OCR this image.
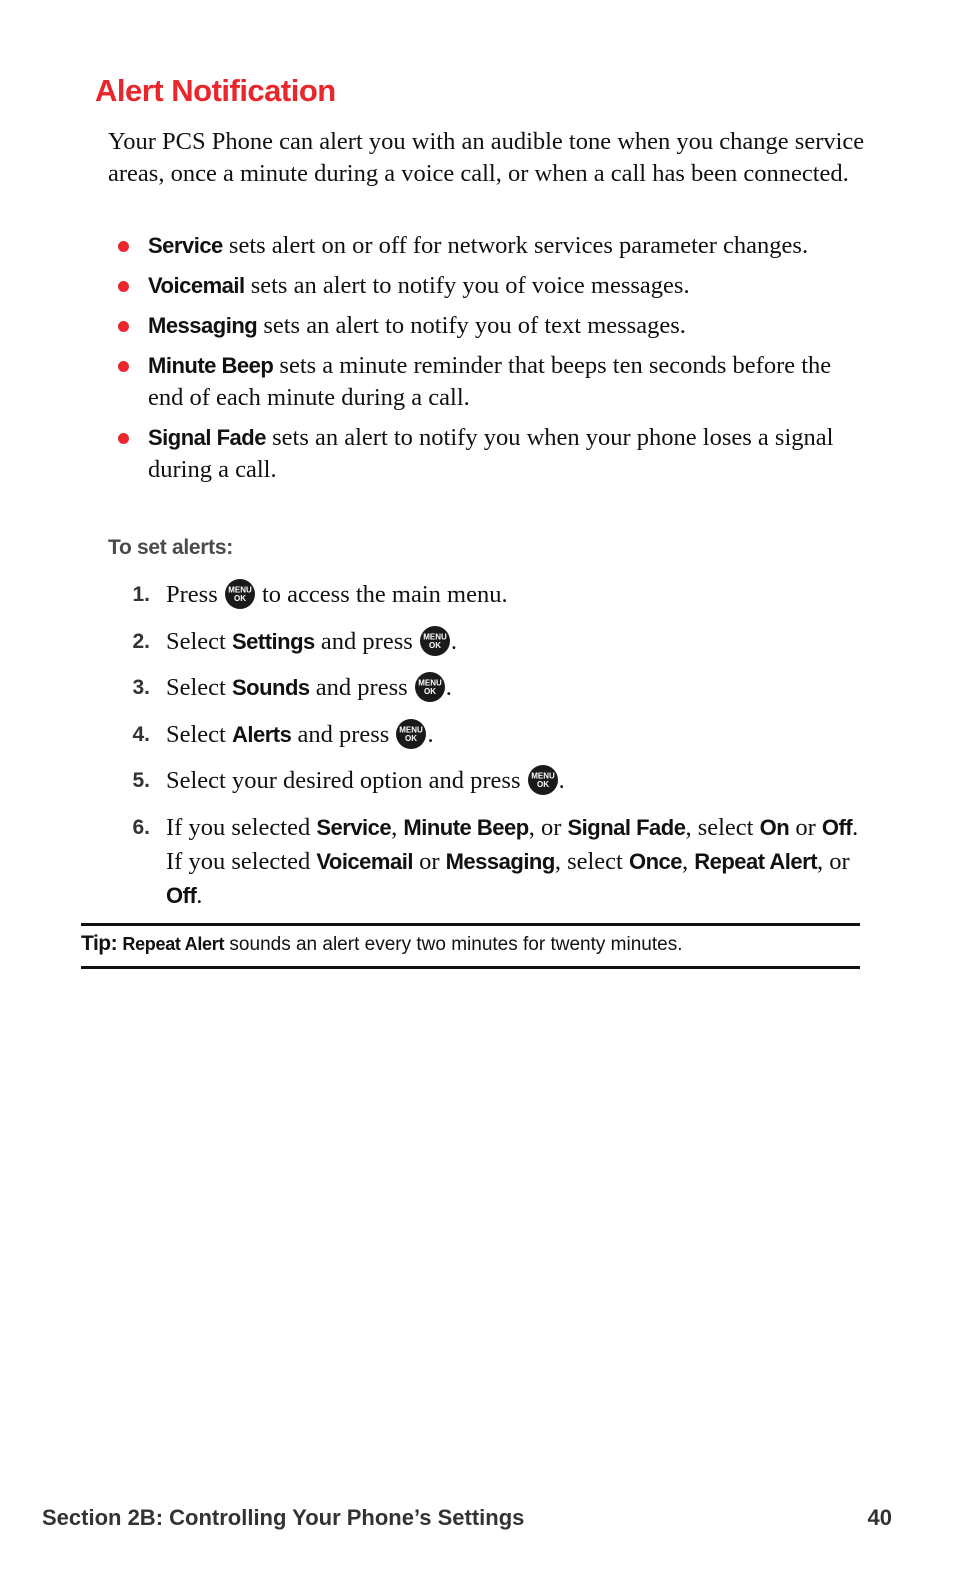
Alert Notification

Your PCS Phone can alert you with an audible tone when you change service areas, once a minute during a voice call, or when a call has been connected.

Service sets alert on or off for network services parameter changes.
Voicemail sets an alert to notify you of voice messages.
Messaging sets an alert to notify you of text messages.
Minute Beep sets a minute reminder that beeps ten seconds before the end of each minute during a call.
Signal Fade sets an alert to notify you when your phone loses a signal during a call.
To set alerts:
1. Press MENU
OK to access the main menu.
2. Select Settings and press MENU
OK .
3. Select Sounds and press MENU
OK .
4. Select Alerts and press MENU
OK .
5. Select your desired option and press MENU
OK .
6. If you selected Service, Minute Beep, or Signal Fade, select On or Off. If you selected Voicemail or Messaging, select Once, Repeat Alert, or Off.
Tip: Repeat Alert sounds an alert every two minutes for twenty minutes.
Section 2B: Controlling Your Phone’s Settings	40
